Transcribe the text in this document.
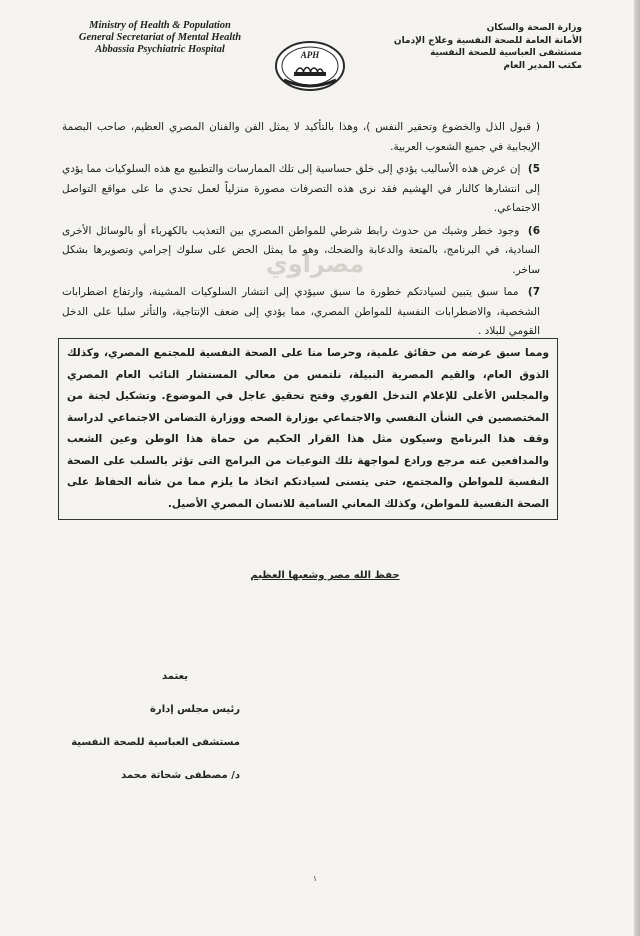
Ministry of Health & Population
General Secretariat of Mental Health
Abbassia Psychiatric Hospital	APH
وزارة الصحة والسكان
الأمانة العامة للصحة النفسية وعلاج الإدمان
مستشفى العباسية للصحة النفسية
مكتب المدير العام

( قبول الذل والخضوع وتحقير النفس )، وهذا بالتأكيد لا يمثل الفن والفنان المصري العظيم، صاحب البصمة الإيجابية في جميع الشعوب العربية.

5) إن عرض هذه الأساليب يؤدي إلى خلق حساسية إلى تلك الممارسات والتطبيع مع هذه السلوكيات مما يؤدي إلى انتشارها كالنار في الهشيم فقد نرى هذه التصرفات مصورة منزلياً لعمل تحدي ما على مواقع التواصل الاجتماعي.

6) وجود خطر وشيك من حدوث رابط شرطي للمواطن المصري بين التعذيب بالكهرباء أو بالوسائل الأخرى السادية، في البرنامج، بالمتعة والدعابة والضحك، وهو ما يمثل الحض على سلوك إجرامي وتصويرها بشكل ساخر.

7) مما سبق يتبين لسيادتكم خطورة ما سبق سيؤدي إلى انتشار السلوكيات المشينة، وارتفاع اضطرابات الشخصية، والاضطرابات النفسية للمواطن المصري، مما يؤدي إلى ضعف الإنتاجية، والتأثر سلبا على الدخل القومي للبلاد .

مصراوي
ومما سبق عرضه من حقائق علمية، وحرصا منا على الصحة النفسية للمجتمع المصري، وكذلك الذوق العام، والقيم المصرية النبيلة، نلتمس من معالي المستشار النائب العام المصري والمجلس الأعلى للإعلام التدخل الفوري وفتح تحقيق عاجل في الموضوع. وتشكيل لجنة من المختصصين في الشأن النفسي والاجتماعي بوزارة الصحه ووزارة التضامن الاجتماعي لدراسة وقف هذا البرنامج وسيكون مثل هذا القرار الحكيم من حماة هذا الوطن وعين الشعب والمدافعين عنه مرجع ورادع لمواجهة تلك النوعيات من البرامج التى تؤثر بالسلب على الصحة النفسية للمواطن والمجتمع، حتى يتسنى لسيادتكم اتخاذ ما يلزم مما من شأنه الحفاظ على الصحة النفسية للمواطن، وكذلك المعاني السامية للانسان المصري الأصيل.
حفظ الله مصر وشعبها العظيم
يعتمد
رئيس مجلس إدارة
مستشفى العباسية للصحة النفسية
د/ مصطفى شحاتة محمد
١
